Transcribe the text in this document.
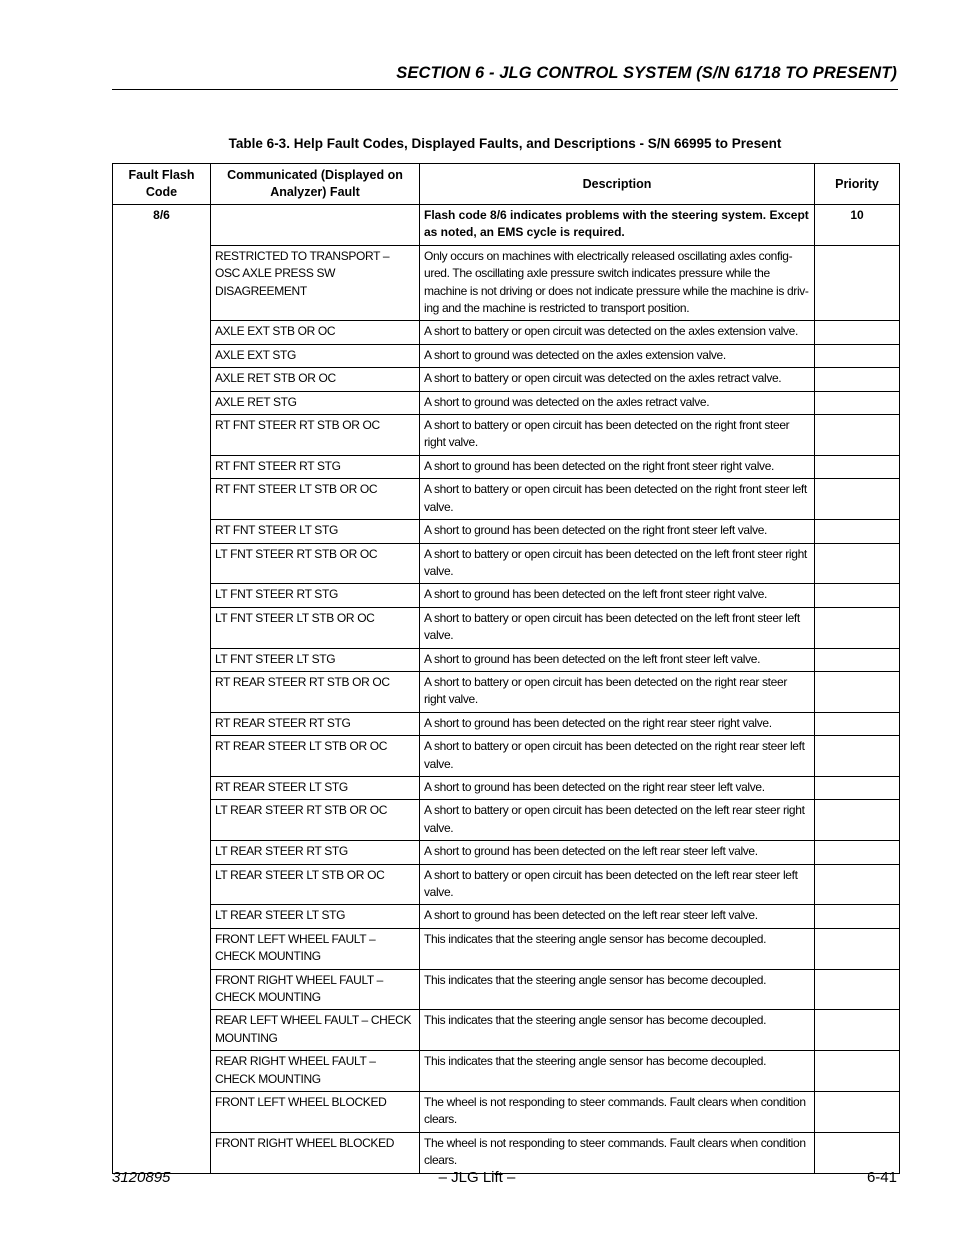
SECTION 6 - JLG CONTROL SYSTEM (S/N 61718 TO PRESENT)
Table 6-3. Help Fault Codes, Displayed Faults, and Descriptions - S/N 66995 to Present
Fault Flash Code	Communicated (Displayed on Analyzer) Fault	Description	Priority
8/6		Flash code 8/6 indicates problems with the steering system. Except as noted, an EMS cycle is required.	10
	RESTRICTED TO TRANSPORT – OSC AXLE PRESS SW DISAGREEMENT	Only occurs on machines with electrically released oscillating axles config-ured. The oscillating axle pressure switch indicates pressure while the machine is not driving or does not indicate pressure while the machine is driv-ing and the machine is restricted to transport position.	
	AXLE EXT STB OR OC	A short to battery or open circuit was detected on the axles extension valve.	
	AXLE EXT STG	A short to ground was detected on the axles extension valve.	
	AXLE RET STB OR OC	A short to battery or open circuit was detected on the axles retract valve.	
	AXLE RET STG	A short to ground was detected on the axles retract valve.	
	RT FNT STEER RT STB OR OC	A short to battery or open circuit has been detected on the right front steer right valve.	
	RT FNT STEER RT STG	A short to ground has been detected on the right front steer right valve.	
	RT FNT STEER LT STB OR OC	A short to battery or open circuit has been detected on the right front steer left valve.	
	RT FNT STEER LT STG	A short to ground has been detected on the right front steer left valve.	
	LT FNT STEER RT STB OR OC	A short to battery or open circuit has been detected on the left front steer right valve.	
	LT FNT STEER RT STG	A short to ground has been detected on the left front steer right valve.	
	LT FNT STEER LT STB OR OC	A short to battery or open circuit has been detected on the left front steer left valve.	
	LT FNT STEER LT STG	A short to ground has been detected on the left front steer left valve.	
	RT REAR STEER RT STB OR OC	A short to battery or open circuit has been detected on the right rear steer right valve.	
	RT REAR STEER RT STG	A short to ground has been detected on the right rear steer right valve.	
	RT REAR STEER LT STB OR OC	A short to battery or open circuit has been detected on the right rear steer left valve.	
	RT REAR STEER LT STG	A short to ground has been detected on the right rear steer left valve.	
	LT REAR STEER RT STB OR OC	A short to battery or open circuit has been detected on the left rear steer right valve.	
	LT REAR STEER RT STG	A short to ground has been detected on the left rear steer left valve.	
	LT REAR STEER LT STB OR OC	A short to battery or open circuit has been detected on the left rear steer left valve.	
	LT REAR STEER LT STG	A short to ground has been detected on the left rear steer left valve.	
	FRONT LEFT WHEEL FAULT – CHECK MOUNTING	This indicates that the steering angle sensor has become decoupled.	
	FRONT RIGHT WHEEL FAULT – CHECK MOUNTING	This indicates that the steering angle sensor has become decoupled.	
	REAR LEFT WHEEL FAULT – CHECK MOUNTING	This indicates that the steering angle sensor has become decoupled.	
	REAR RIGHT WHEEL FAULT – CHECK MOUNTING	This indicates that the steering angle sensor has become decoupled.	
	FRONT LEFT WHEEL BLOCKED	The wheel is not responding to steer commands. Fault clears when condition clears.	
	FRONT RIGHT WHEEL BLOCKED	The wheel is not responding to steer commands. Fault clears when condition clears.	
3120895	– JLG Lift –	6-41
